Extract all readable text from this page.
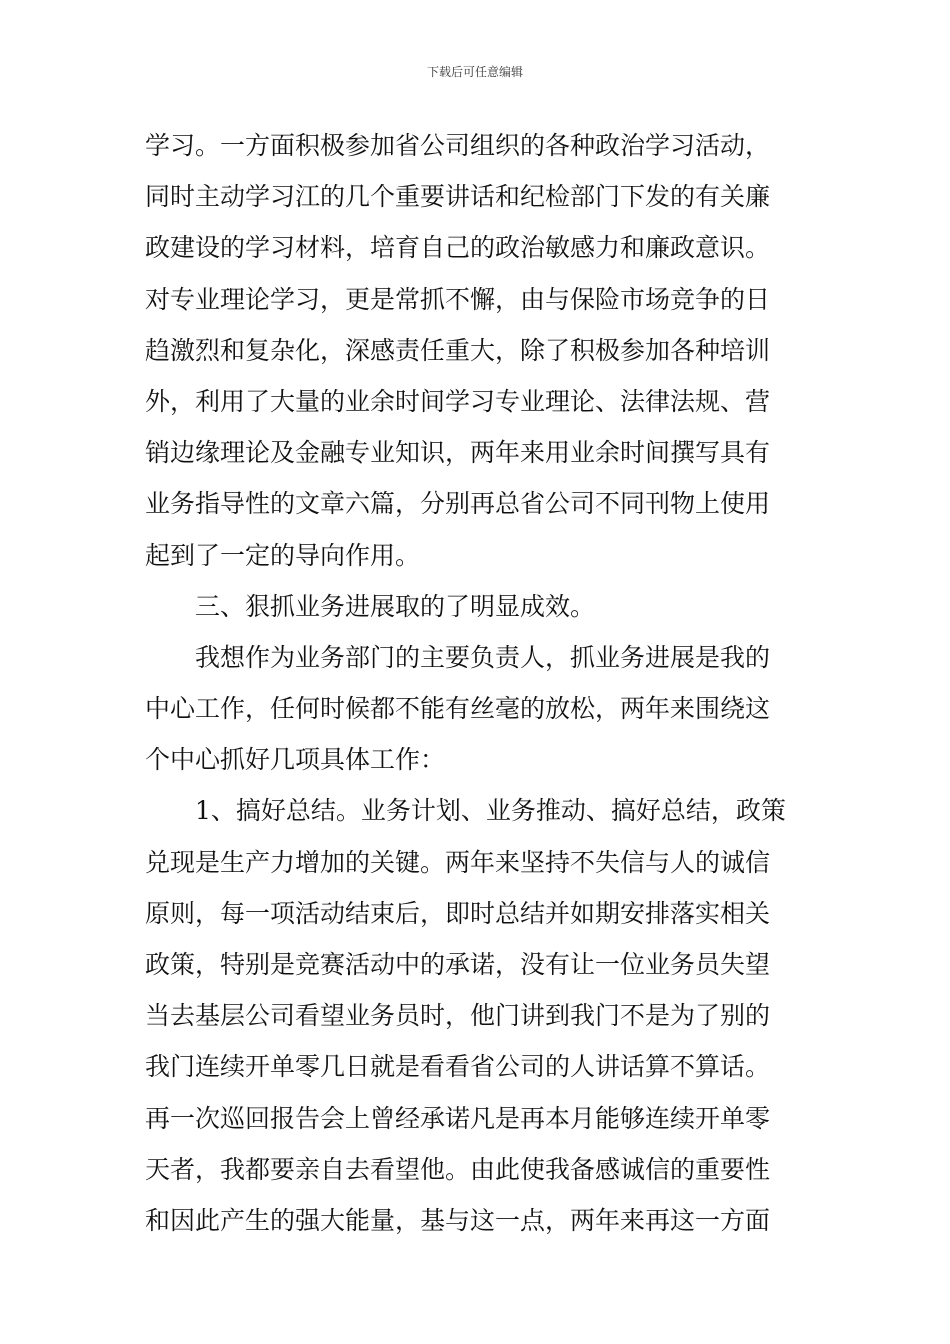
下载后可任意编辑
学习。一方面积极参加省公司组织的各种政治学习活动，
同时主动学习江的几个重要讲话和纪检部门下发的有关廉
政建设的学习材料，培育自己的政治敏感力和廉政意识。
对专业理论学习，更是常抓不懈，由与保险市场竞争的日
趋激烈和复杂化，深感责任重大，除了积极参加各种培训
外，利用了大量的业余时间学习专业理论、法律法规、营
销边缘理论及金融专业知识，两年来用业余时间撰写具有
业务指导性的文章六篇，分别再总省公司不同刊物上使用
起到了一定的导向作用。
　　三、狠抓业务进展取的了明显成效。
　　我想作为业务部门的主要负责人，抓业务进展是我的
中心工作，任何时候都不能有丝毫的放松，两年来围绕这
个中心抓好几项具体工作：
　　1、搞好总结。业务计划、业务推动、搞好总结，政策
兑现是生产力增加的关键。两年来坚持不失信与人的诚信
原则，每一项活动结束后，即时总结并如期安排落实相关
政策，特别是竞赛活动中的承诺，没有让一位业务员失望
当去基层公司看望业务员时，他门讲到我门不是为了别的
我门连续开单零几日就是看看省公司的人讲话算不算话。
再一次巡回报告会上曾经承诺凡是再本月能够连续开单零
天者，我都要亲自去看望他。由此使我备感诚信的重要性
和因此产生的强大能量，基与这一点，两年来再这一方面
